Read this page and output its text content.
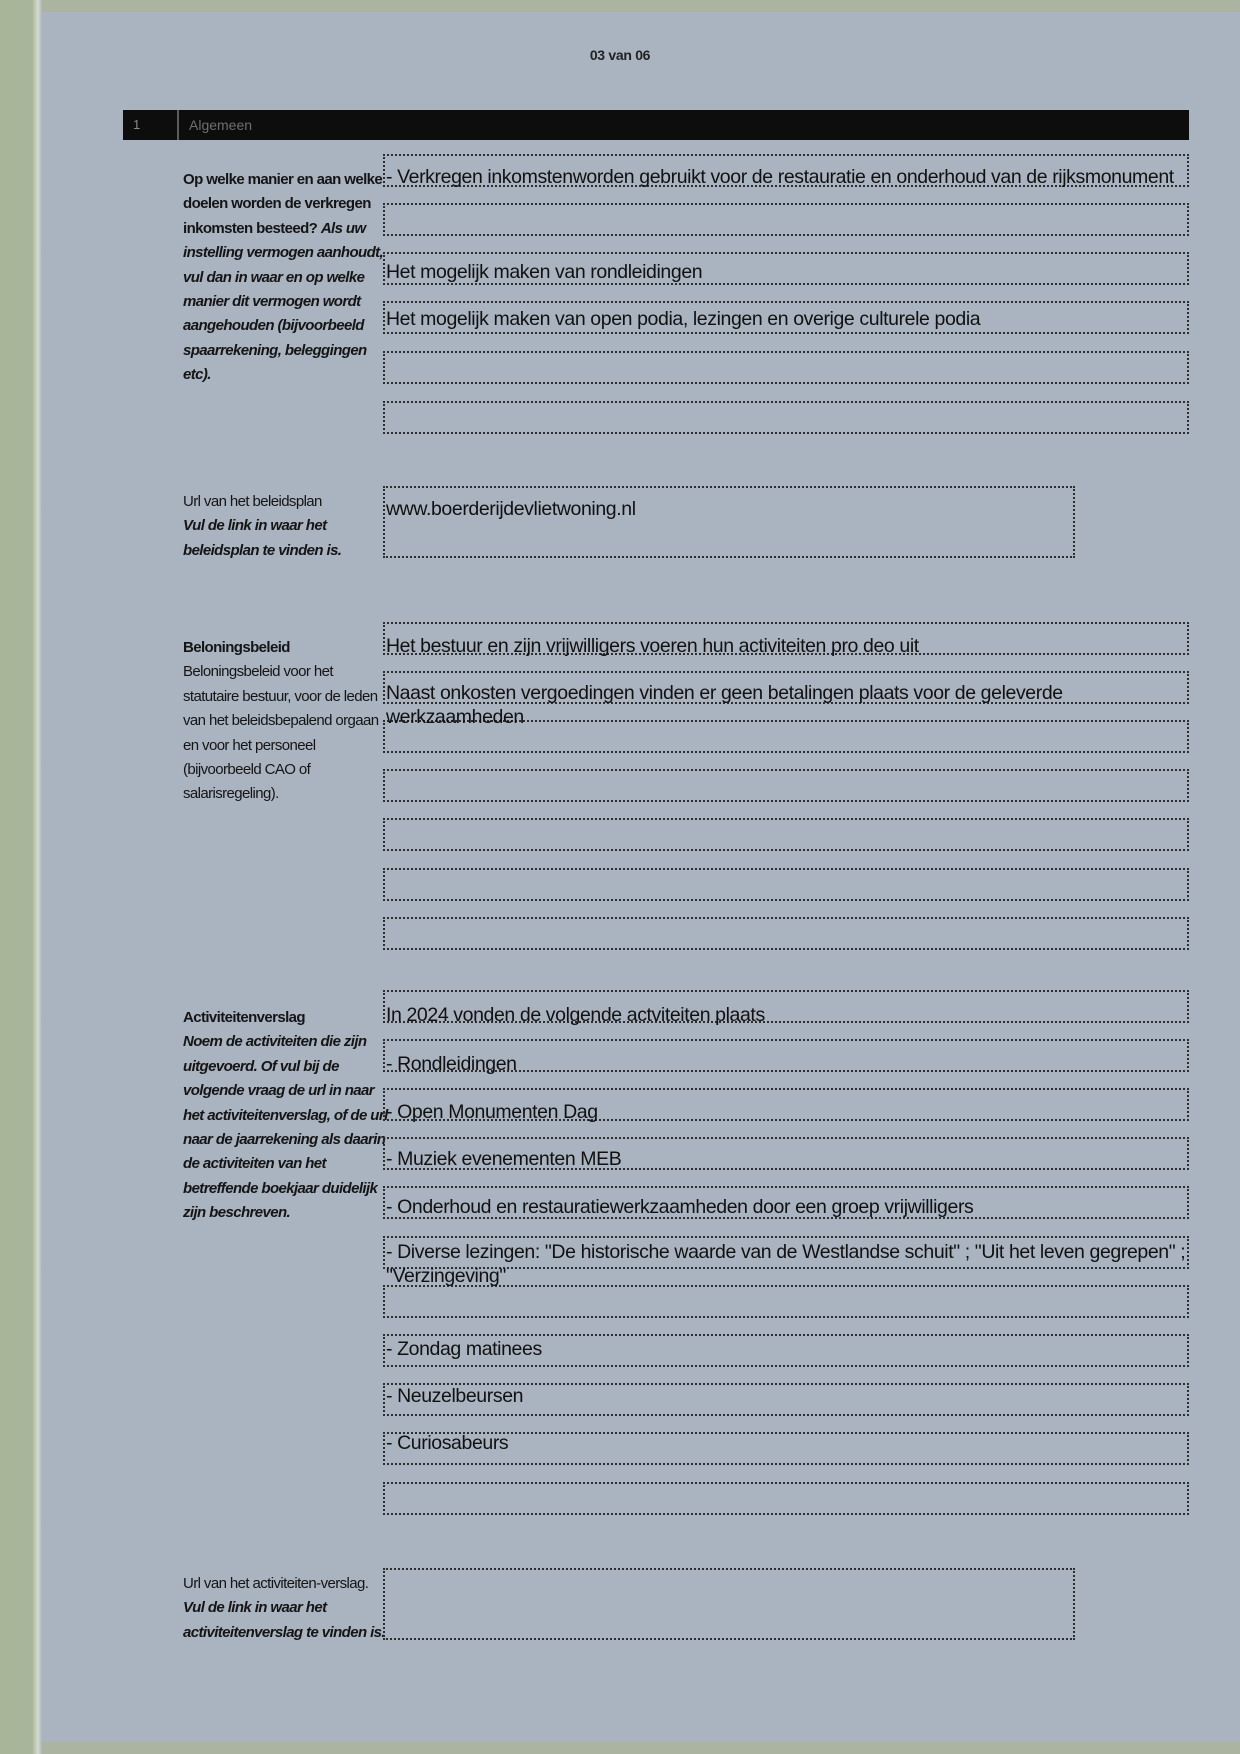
03 van 06
1	Algemeen
Op welke manier en aan welke doelen worden de verkregen inkomsten besteed? Als uw instelling vermogen aanhoudt, vul dan in waar en op welke manier dit vermogen wordt aangehouden (bijvoorbeeld spaarrekening, beleggingen etc).
- Verkregen inkomstenworden gebruikt voor de restauratie en onderhoud van de rijksmonument
Het mogelijk maken van rondleidingen
Het mogelijk maken van open podia, lezingen en overige culturele podia
Url van het beleidsplan
Vul de link in waar het beleidsplan te vinden is.
www.boerderijdevlietwoning.nl
Beloningsbeleid
Beloningsbeleid voor het statutaire bestuur, voor de leden van het beleidsbepalend orgaan en voor het personeel (bijvoorbeeld CAO of salarisregeling).
Het bestuur en zijn vrijwilligers voeren hun activiteiten pro deo uit
Naast onkosten vergoedingen vinden er geen betalingen plaats voor de geleverde werkzaamheden
Activiteitenverslag
Noem de activiteiten die zijn uitgevoerd. Of vul bij de volgende vraag de url in naar het activiteitenverslag, of de url naar de jaarrekening als daarin de activiteiten van het betreffende boekjaar duidelijk zijn beschreven.
In 2024 vonden de volgende actviteiten plaats
- Rondleidingen
- Open Monumenten Dag
- Muziek evenementen MEB
- Onderhoud en restauratiewerkzaamheden door een groep vrijwilligers
- Diverse lezingen: "De historische waarde van de Westlandse schuit" ; "Uit het leven gegrepen" ; "Verzingeving"
- Zondag matinees
- Neuzelbeursen
- Curiosabeurs
Url van het activiteiten-verslag. Vul de link in waar het activiteitenverslag te vinden is.
